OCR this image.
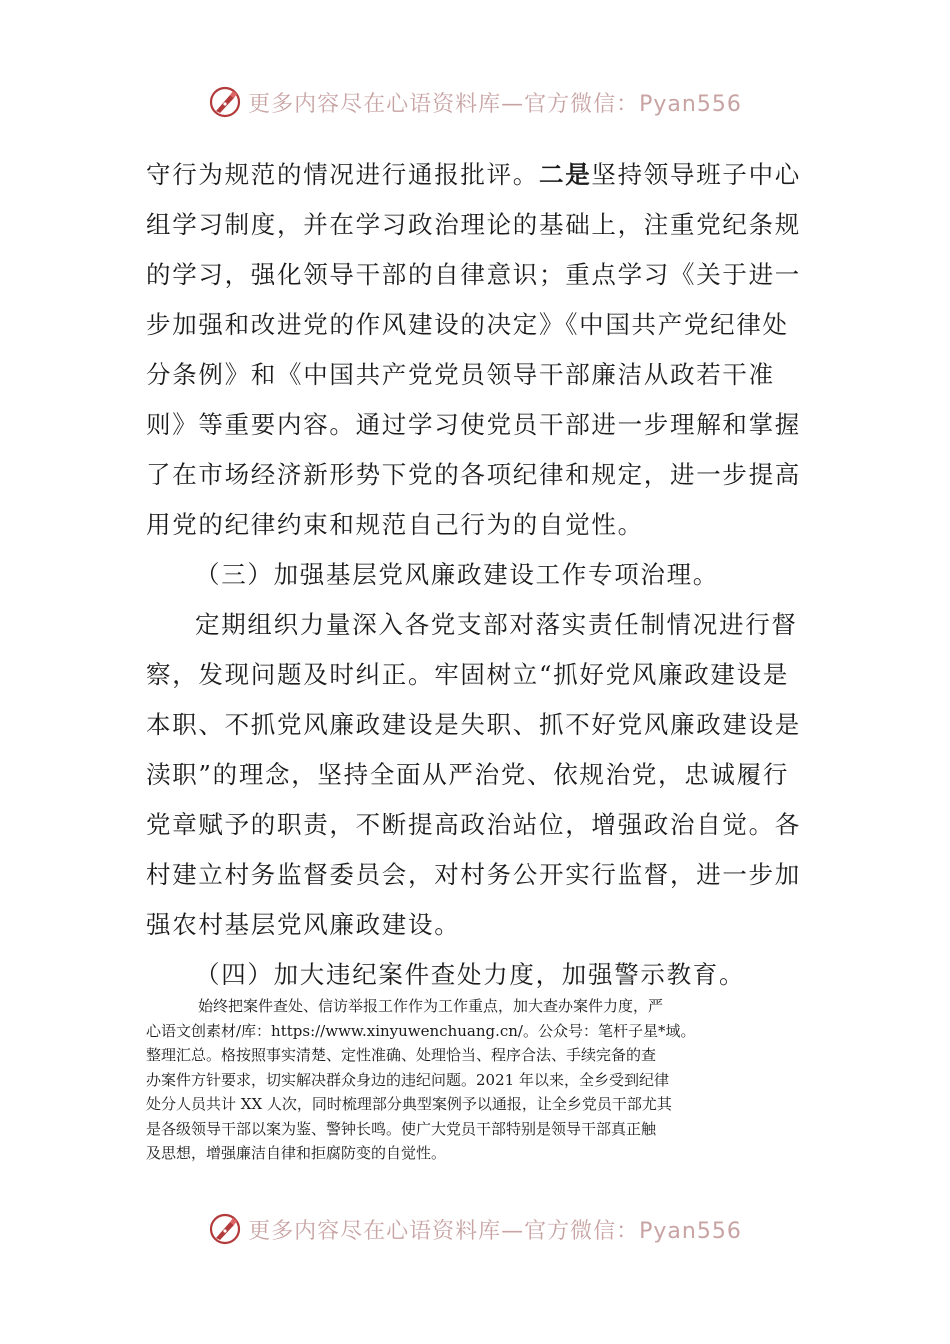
更多内容尽在心语资料库—官方微信：Pyan556
守行为规范的情况进行通报批评。二是坚持领导班子中心
组学习制度，并在学习政治理论的基础上，注重党纪条规
的学习，强化领导干部的自律意识；重点学习《关于进一
步加强和改进党的作风建设的决定》《中国共产党纪律处
分条例》和《中国共产党党员领导干部廉洁从政若干准
则》等重要内容。通过学习使党员干部进一步理解和掌握
了在市场经济新形势下党的各项纪律和规定，进一步提高
用党的纪律约束和规范自己行为的自觉性。
（三）加强基层党风廉政建设工作专项治理。
定期组织力量深入各党支部对落实责任制情况进行督
察，发现问题及时纠正。牢固树立“抓好党风廉政建设是
本职、不抓党风廉政建设是失职、抓不好党风廉政建设是
渎职”的理念，坚持全面从严治党、依规治党，忠诚履行
党章赋予的职责，不断提高政治站位，增强政治自觉。各
村建立村务监督委员会，对村务公开实行监督，进一步加
强农村基层党风廉政建设。
（四）加大违纪案件查处力度，加强警示教育。

始终把案件查处、信访举报工作作为工作重点，加大查办案件力度，严

心语文创素材/库：https://www.xinyuwenchuang.cn/。公众号：笔杆子星*域。

整理汇总。格按照事实清楚、定性准确、处理恰当、程序合法、手续完备的查

办案件方针要求，切实解决群众身边的违纪问题。2021 年以来，全乡受到纪律

处分人员共计 XX 人次，同时梳理部分典型案例予以通报，让全乡党员干部尤其

是各级领导干部以案为鉴、警钟长鸣。使广大党员干部特别是领导干部真正触

及思想，增强廉洁自律和拒腐防变的自觉性。

更多内容尽在心语资料库—官方微信：Pyan556
